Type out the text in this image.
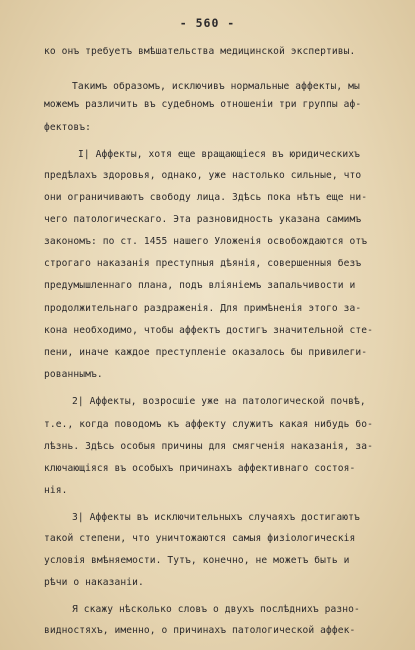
- 560 -
ко онъ требуетъ вмѣшательства медицинской экспертивы.
Такимъ образомъ, исключивъ нормальные аффекты, мы
можемъ различить въ судебномъ отношеніи три группы аф-
фектовъ:
I| Аффекты, хотя еще вращающіеся въ юридическихъ
предѣлахъ здоровья, однако, уже настолько сильные, что
они ограничиваютъ свободу лица. Здѣсь пока нѣтъ еще ни-
чего патологическаго. Эта разновидность указана самимъ
закономъ: по ст. 1455 нашего Уложенія освобождаются отъ
строгаго наказанія преступныя дѣянія, совершенныя безъ
предумышленнаго плана, подъ вліяніемъ запальчивости и
продолжительнаго раздраженія. Для примѣненія этого за-
кона необходимо, чтобы аффектъ достигъ значительной сте-
пени, иначе каждое преступленіе оказалось бы привилеги-
рованнымъ.
2| Аффекты, возросшіе уже на патологической почвѣ,
т.е., когда поводомъ къ аффекту служитъ какая нибудь бо-
лѣзнь. Здѣсь особыя причины для смягченія наказанія, за-
ключающіяся въ особыхъ причинахъ аффективнаго состоя-
нія.
3| Аффекты въ исключительныхъ случаяхъ достигаютъ
такой степени, что уничтожаются самыя физіологическія
условія вмѣняемости. Тутъ, конечно, не можетъ быть и
рѣчи о наказаніи.
Я скажу нѣсколько словъ о двухъ послѣднихъ разно-
видностяхъ, именно, о причинахъ патологической аффек-
